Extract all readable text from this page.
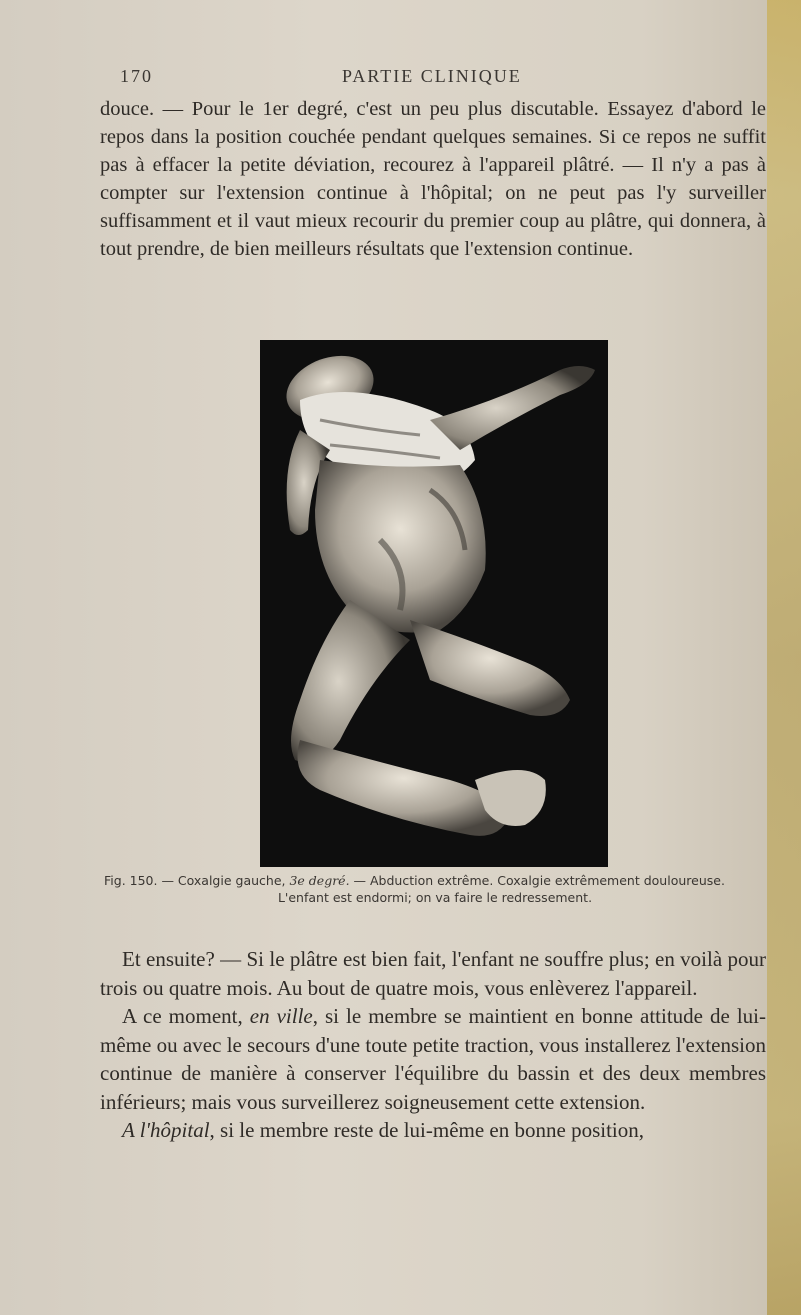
170	PARTIE CLINIQUE

douce. — Pour le 1er degré, c'est un peu plus discutable. Essayez d'abord le repos dans la position couchée pendant quelques semaines. Si ce repos ne suffit pas à effacer la petite déviation, recourez à l'appareil plâtré. — Il n'y a pas à compter sur l'extension continue à l'hôpital; on ne peut pas l'y surveiller suffisamment et il vaut mieux recourir du premier coup au plâtre, qui donnera, à tout prendre, de bien meilleurs résultats que l'extension continue.

Fig. 150. — Coxalgie gauche, 3e degré. — Abduction extrême. Coxalgie extrêmement douloureuse.
L'enfant est endormi; on va faire le redressement.

Et ensuite? — Si le plâtre est bien fait, l'enfant ne souffre plus; en voilà pour trois ou quatre mois. Au bout de quatre mois, vous enlèverez l'appareil.

A ce moment, en ville, si le membre se maintient en bonne attitude de lui-même ou avec le secours d'une toute petite traction, vous installerez l'extension continue de manière à conserver l'équilibre du bassin et des deux membres inférieurs; mais vous surveillerez soigneusement cette extension.

A l'hôpital, si le membre reste de lui-même en bonne position,
